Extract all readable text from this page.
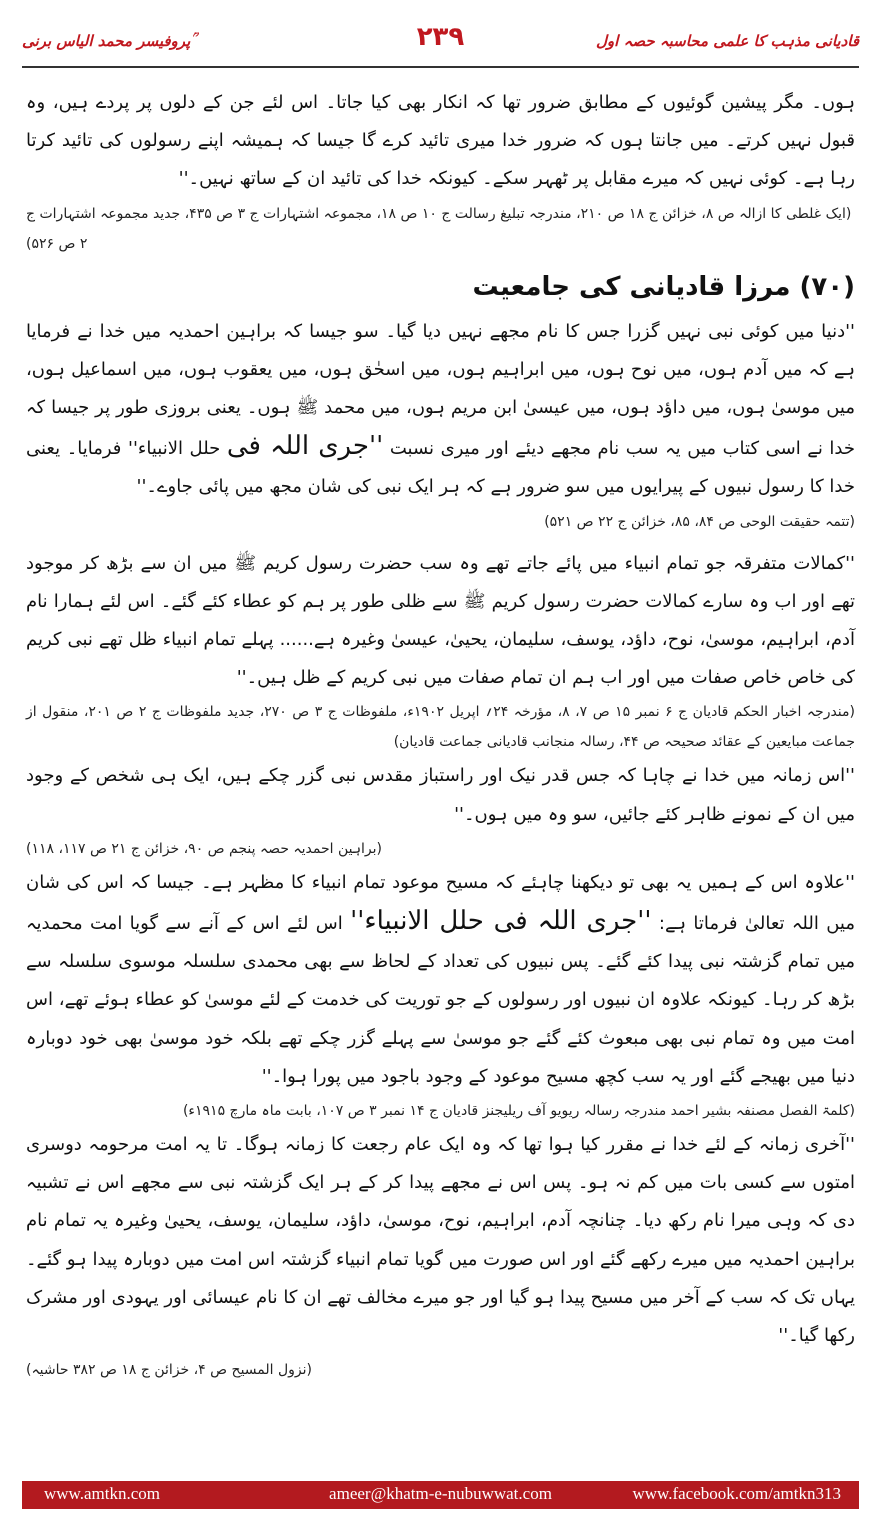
پروفیسر محمد الیاس برنی ؒ	۲۳۹	قادیانی مذہب کا علمی محاسبہ حصہ اول

ہوں۔ مگر پیشین گوئیوں کے مطابق ضرور تھا کہ انکار بھی کیا جاتا۔ اس لئے جن کے دلوں پر پردے ہیں، وہ قبول نہیں کرتے۔ میں جانتا ہوں کہ ضرور خدا میری تائید کرے گا جیسا کہ ہمیشہ اپنے رسولوں کی تائید کرتا رہا ہے۔ کوئی نہیں کہ میرے مقابل پر ٹھہر سکے۔ کیونکہ خدا کی تائید ان کے ساتھ نہیں۔''

(ایک غلطی کا ازالہ ص ۸، خزائن ج ۱۸ ص ۲۱۰، مندرجہ تبلیغ رسالت ج ۱۰ ص ۱۸، مجموعہ اشتہارات ج ۳ ص ۴۳۵، جدید مجموعہ اشتہارات ج ۲ ص ۵۲۶)

(۷۰) مرزا قادیانی کی جامعیت

''دنیا میں کوئی نبی نہیں گزرا جس کا نام مجھے نہیں دیا گیا۔ سو جیسا کہ براہین احمدیہ میں خدا نے فرمایا ہے کہ میں آدم ہوں، میں نوح ہوں، میں ابراہیم ہوں، میں اسحٰق ہوں، میں یعقوب ہوں، میں اسماعیل ہوں، میں موسیٰ ہوں، میں داؤد ہوں، میں عیسیٰ ابن مریم ہوں، میں محمد ﷺ ہوں۔ یعنی بروزی طور پر جیسا کہ خدا نے اسی کتاب میں یہ سب نام مجھے دیئے اور میری نسبت ''جری اللہ فی حلل الانبیاء'' فرمایا۔ یعنی خدا کا رسول نبیوں کے پیرایوں میں سو ضرور ہے کہ ہر ایک نبی کی شان مجھ میں پائی جاوے۔''

(تتمہ حقیقت الوحی ص ۸۴، ۸۵، خزائن ج ۲۲ ص ۵۲۱)

''کمالات متفرقہ جو تمام انبیاء میں پائے جاتے تھے وہ سب حضرت رسول کریم ﷺ میں ان سے بڑھ کر موجود تھے اور اب وہ سارے کمالات حضرت رسول کریم ﷺ سے ظلی طور پر ہم کو عطاء کئے گئے۔ اس لئے ہمارا نام آدم، ابراہیم، موسیٰ، نوح، داؤد، یوسف، سلیمان، یحییٰ، عیسیٰ وغیرہ ہے...... پہلے تمام انبیاء ظل تھے نبی کریم کی خاص خاص صفات میں اور اب ہم ان تمام صفات میں نبی کریم کے ظل ہیں۔''

(مندرجہ اخبار الحکم قادیان ج ۶ نمبر ۱۵ ص ۷، ۸، مؤرخہ ۲۴؍ اپریل ۱۹۰۲ء، ملفوظات ج ۳ ص ۲۷۰، جدید ملفوظات ج ۲ ص ۲۰۱، منقول از جماعت مبایعین کے عقائد صحیحہ ص ۴۴، رسالہ منجانب قادیانی جماعت قادیان)

''اس زمانہ میں خدا نے چاہا کہ جس قدر نیک اور راستباز مقدس نبی گزر چکے ہیں، ایک ہی شخص کے وجود میں ان کے نمونے ظاہر کئے جائیں، سو وہ میں ہوں۔''

(براہین احمدیہ حصہ پنجم ص ۹۰، خزائن ج ۲۱ ص ۱۱۷، ۱۱۸)

''علاوہ اس کے ہمیں یہ بھی تو دیکھنا چاہئے کہ مسیح موعود تمام انبیاء کا مظہر ہے۔ جیسا کہ اس کی شان میں اللہ تعالیٰ فرماتا ہے: ''جری اللہ فی حلل الانبیاء'' اس لئے اس کے آنے سے گویا امت محمدیہ میں تمام گزشتہ نبی پیدا کئے گئے۔ پس نبیوں کی تعداد کے لحاظ سے بھی محمدی سلسلہ موسوی سلسلہ سے بڑھ کر رہا۔ کیونکہ علاوہ ان نبیوں اور رسولوں کے جو توریت کی خدمت کے لئے موسیٰ کو عطاء ہوئے تھے، اس امت میں وہ تمام نبی بھی مبعوث کئے گئے جو موسیٰ سے پہلے گزر چکے تھے بلکہ خود موسیٰ بھی خود دوبارہ دنیا میں بھیجے گئے اور یہ سب کچھ مسیح موعود کے وجود باجود میں پورا ہوا۔''

(کلمۃ الفصل مصنفہ بشیر احمد مندرجہ رسالہ ریویو آف ریلیجنز قادیان ج ۱۴ نمبر ۳ ص ۱۰۷، بابت ماہ مارچ ۱۹۱۵ء)

''آخری زمانہ کے لئے خدا نے مقرر کیا ہوا تھا کہ وہ ایک عام رجعت کا زمانہ ہوگا۔ تا یہ امت مرحومہ دوسری امتوں سے کسی بات میں کم نہ ہو۔ پس اس نے مجھے پیدا کر کے ہر ایک گزشتہ نبی سے مجھے اس نے تشبیہ دی کہ وہی میرا نام رکھ دیا۔ چنانچہ آدم، ابراہیم، نوح، موسیٰ، داؤد، سلیمان، یوسف، یحییٰ وغیرہ یہ تمام نام براہین احمدیہ میں میرے رکھے گئے اور اس صورت میں گویا تمام انبیاء گزشتہ اس امت میں دوبارہ پیدا ہو گئے۔ یہاں تک کہ سب کے آخر میں مسیح پیدا ہو گیا اور جو میرے مخالف تھے ان کا نام عیسائی اور یہودی اور مشرک رکھا گیا۔''

(نزول المسیح ص ۴، خزائن ج ۱۸ ص ۳۸۲ حاشیہ)

www.amtkn.com	ameer@khatm-e-nubuwwat.com	www.facebook.com/amtkn313
